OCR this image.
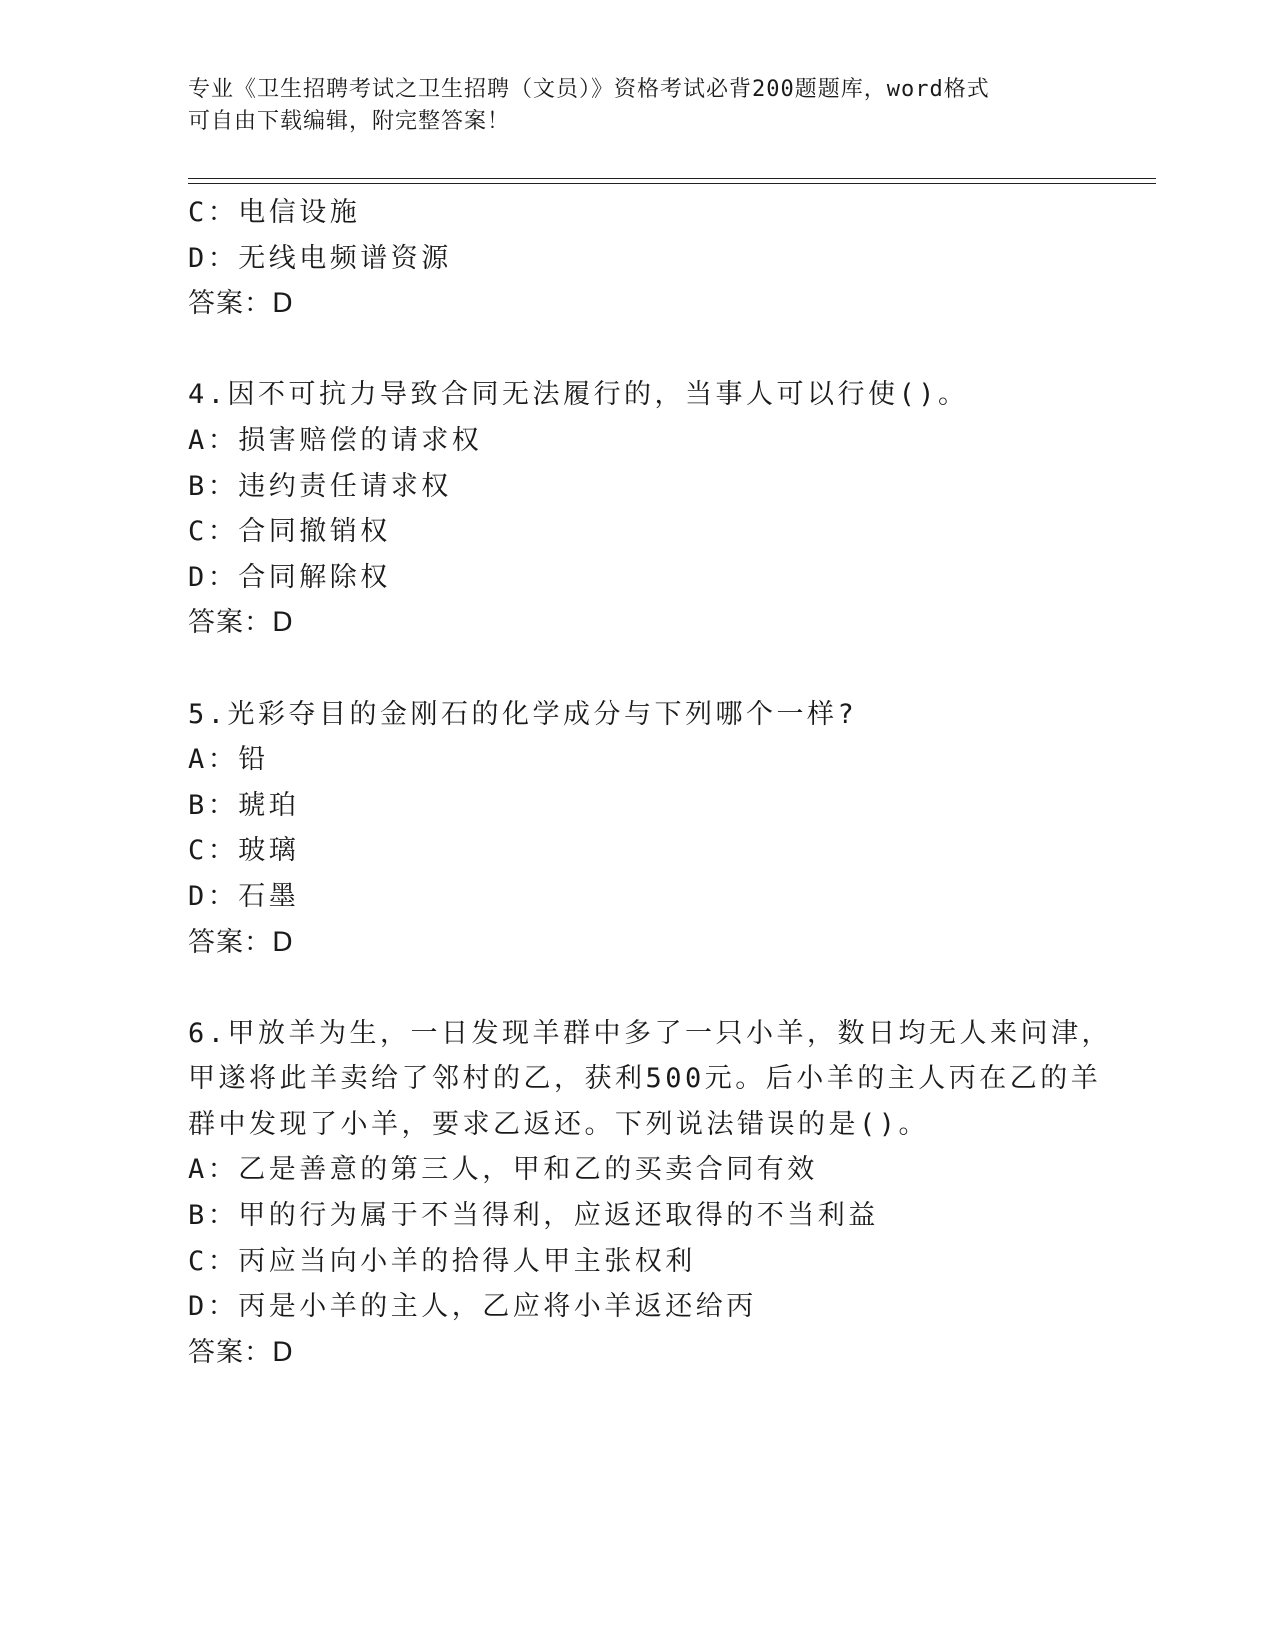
专业《卫生招聘考试之卫生招聘（文员）》资格考试必背200题题库，word格式
可自由下载编辑，附完整答案！
C：电信设施
D：无线电频谱资源
答案：D
4.因不可抗力导致合同无法履行的，当事人可以行使()。
A：损害赔偿的请求权
B：违约责任请求权
C：合同撤销权
D：合同解除权
答案：D
5.光彩夺目的金刚石的化学成分与下列哪个一样?
A：铅
B：琥珀
C：玻璃
D：石墨
答案：D
6.甲放羊为生，一日发现羊群中多了一只小羊，数日均无人来问津，
甲遂将此羊卖给了邻村的乙，获利500元。后小羊的主人丙在乙的羊
群中发现了小羊，要求乙返还。下列说法错误的是()。
A：乙是善意的第三人，甲和乙的买卖合同有效
B：甲的行为属于不当得利，应返还取得的不当利益
C：丙应当向小羊的拾得人甲主张权利
D：丙是小羊的主人，乙应将小羊返还给丙
答案：D
